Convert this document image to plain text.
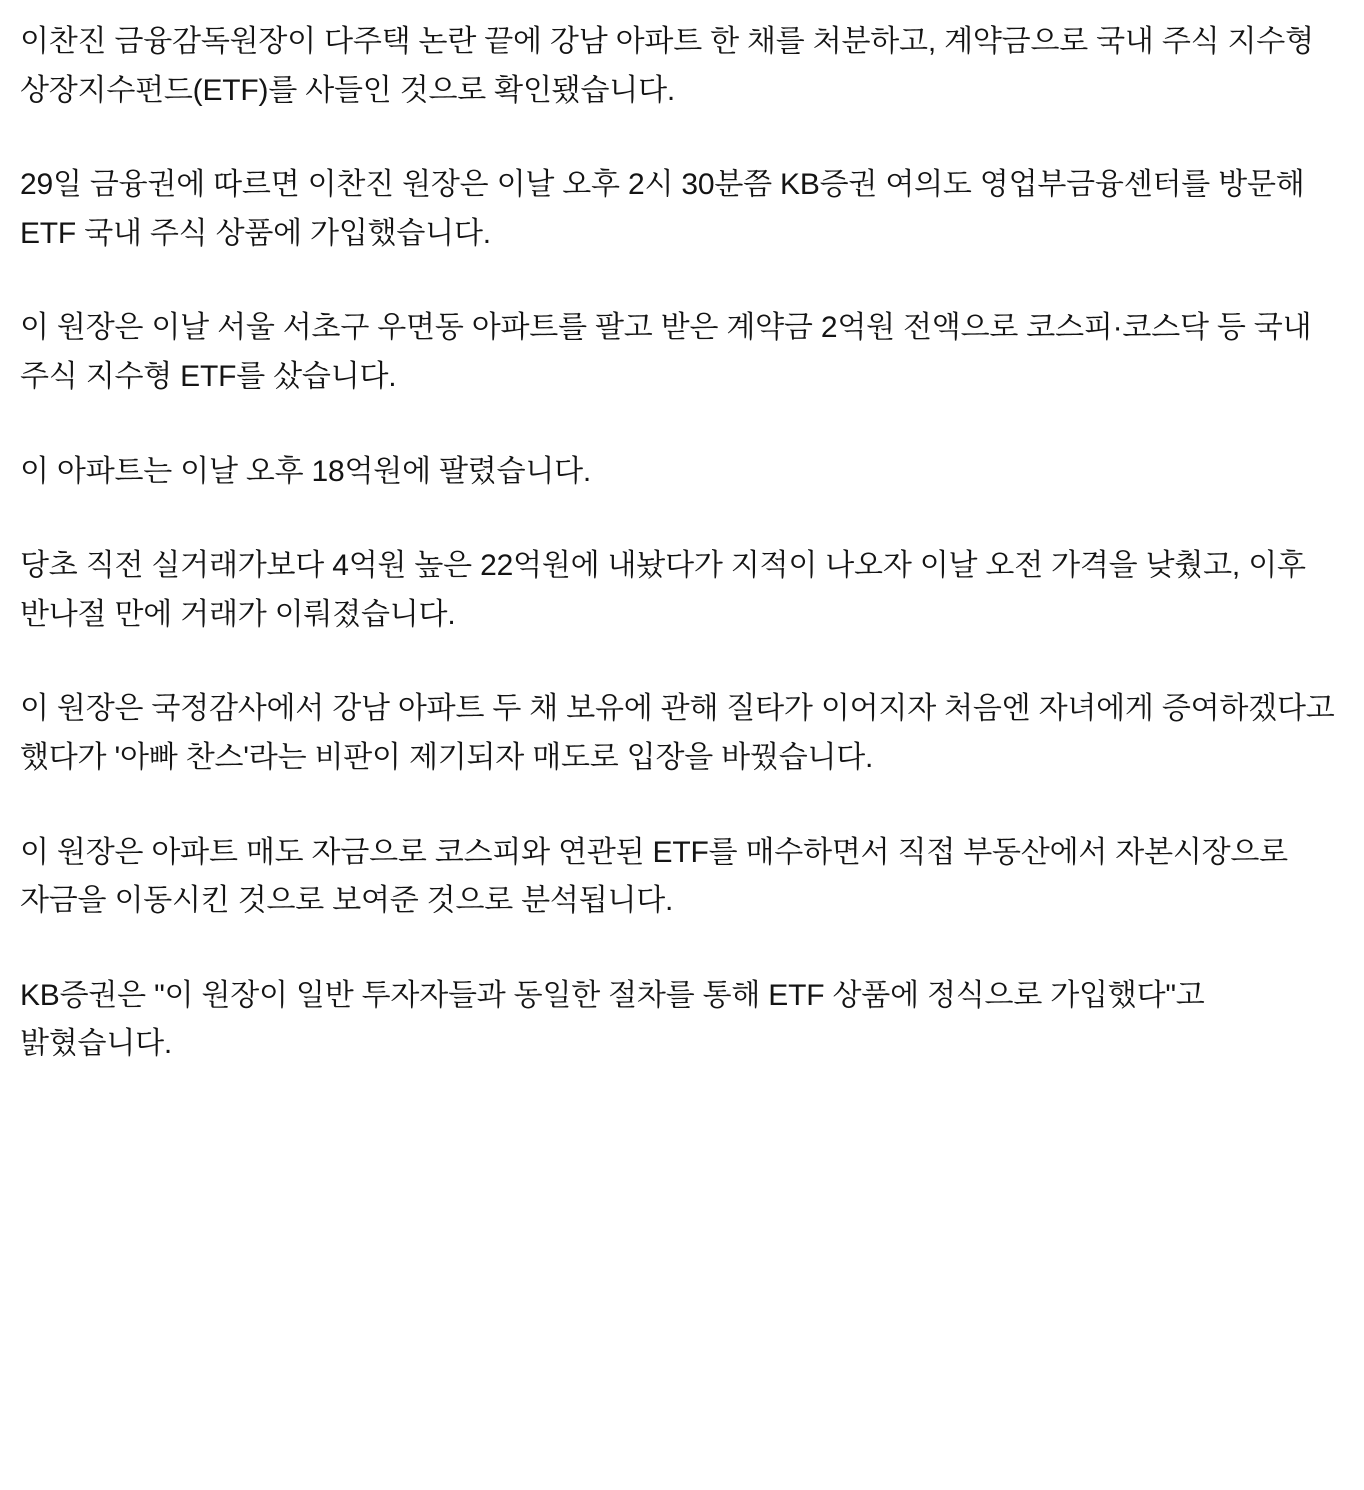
이찬진 금융감독원장이 다주택 논란 끝에 강남 아파트 한 채를 처분하고, 계약금으로 국내 주식 지수형 상장지수펀드(ETF)를 사들인 것으로 확인됐습니다.

29일 금융권에 따르면 이찬진 원장은 이날 오후 2시 30분쯤 KB증권 여의도 영업부금융센터를 방문해 ETF 국내 주식 상품에 가입했습니다.

이 원장은 이날 서울 서초구 우면동 아파트를 팔고 받은 계약금 2억원 전액으로 코스피·코스닥 등 국내 주식 지수형 ETF를 샀습니다.

이 아파트는 이날 오후 18억원에 팔렸습니다.

당초 직전 실거래가보다 4억원 높은 22억원에 내놨다가 지적이 나오자 이날 오전 가격을 낮췄고, 이후 반나절 만에 거래가 이뤄졌습니다.

이 원장은 국정감사에서 강남 아파트 두 채 보유에 관해 질타가 이어지자 처음엔 자녀에게 증여하겠다고 했다가 '아빠 찬스'라는 비판이 제기되자 매도로 입장을 바꿨습니다.

이 원장은 아파트 매도 자금으로 코스피와 연관된 ETF를 매수하면서 직접 부동산에서 자본시장으로 자금을 이동시킨 것으로 보여준 것으로 분석됩니다.

KB증권은 "이 원장이 일반 투자자들과 동일한 절차를 통해 ETF 상품에 정식으로 가입했다"고 밝혔습니다.
